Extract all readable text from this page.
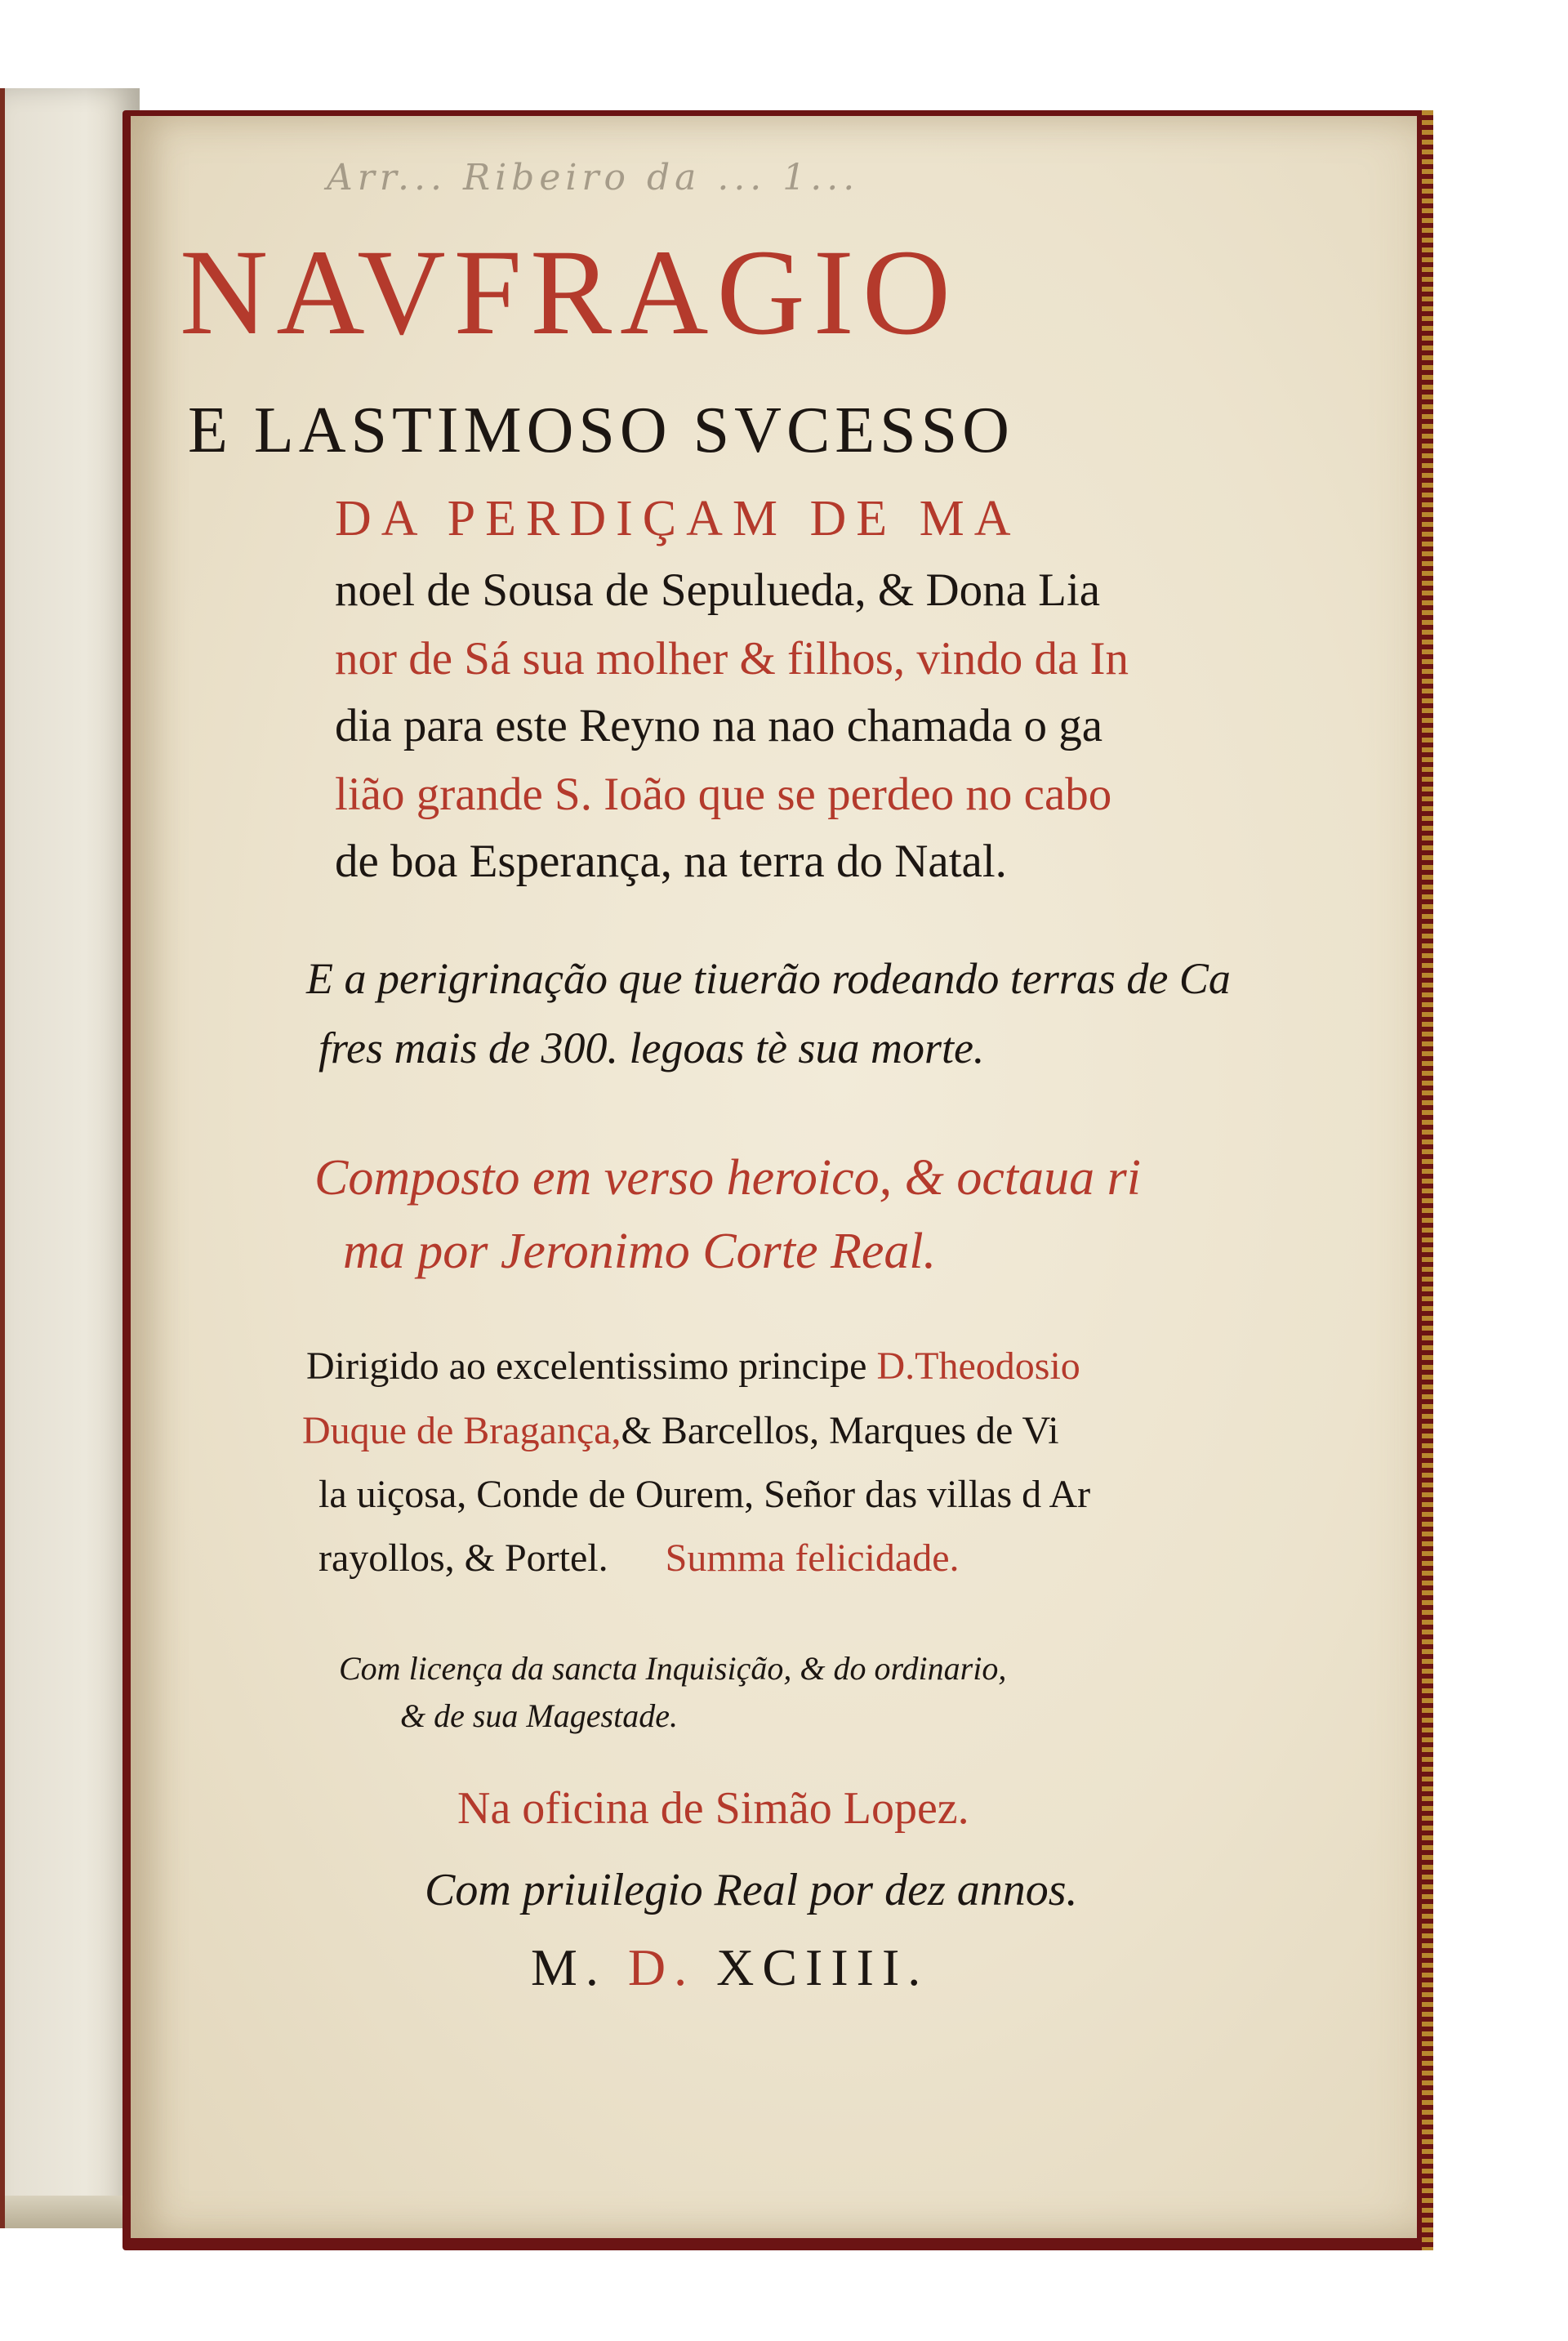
Arr... Ribeiro da ... 1...
NAVFRAGIO
E LASTIMOSO SVCESSO
DA PERDIÇAM DE MA
noel de Sousa de Sepulueda, & Dona Lia
nor de Sá sua molher & filhos, vindo da In
dia para este Reyno na nao chamada o ga
lião grande S. Ioão que se perdeo no cabo
de boa Esperança, na terra do Natal.
E a perigrinação que tiuerão rodeando terras de Ca
fres mais de 300. legoas tè sua morte.
Composto em verso heroico, & octaua ri
ma por Jeronimo Corte Real.
Dirigido ao excelentissimo principe D.Theodosio
Duque de Bragança,& Barcellos, Marques de Vi
la uiçosa, Conde de Ourem, Señor das villas d Ar
rayollos, & Portel. Summa felicidade.
Com licença da sancta Inquisição, & do ordinario,
& de sua Magestade.
Na oficina de Simão Lopez.
Com priuilegio Real por dez annos.
M. D. XCIIII.
